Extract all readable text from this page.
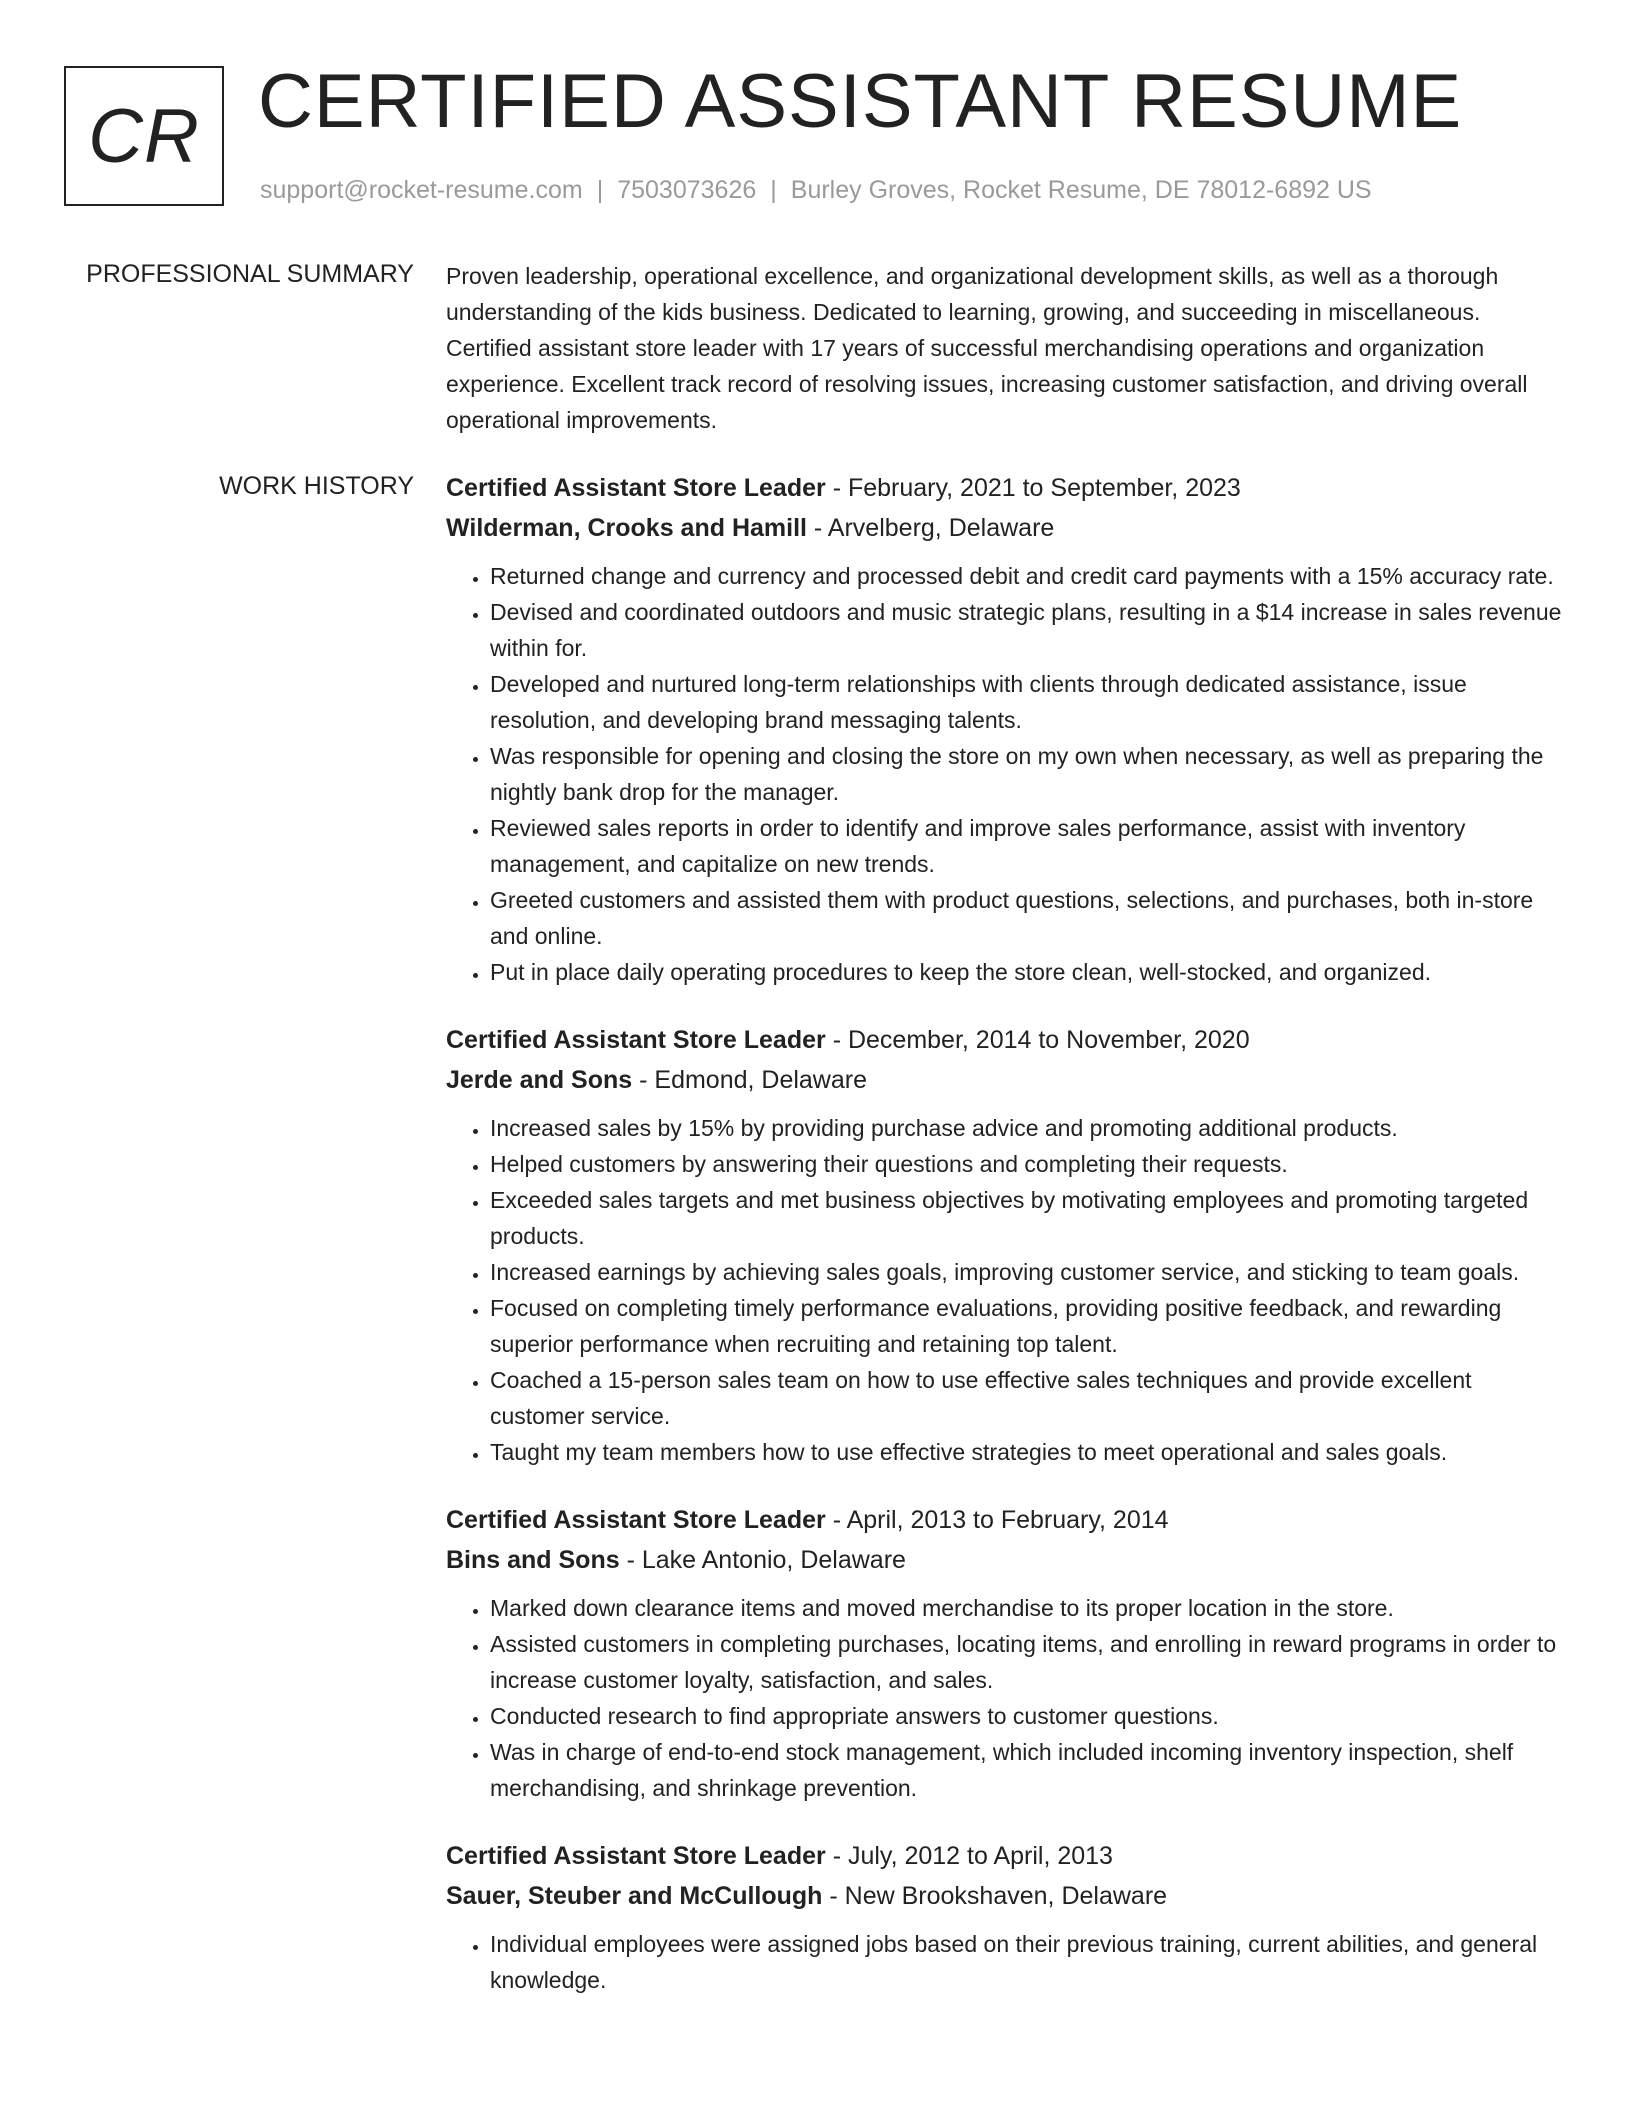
CR CERTIFIED ASSISTANT RESUME
support@rocket-resume.com | 7503073626 | Burley Groves, Rocket Resume, DE 78012-6892 US
PROFESSIONAL SUMMARY Proven leadership, operational excellence, and organizational development skills, as well as a thorough understanding of the kids business. Dedicated to learning, growing, and succeeding in miscellaneous. Certified assistant store leader with 17 years of successful merchandising operations and organization experience. Excellent track record of resolving issues, increasing customer satisfaction, and driving overall operational improvements.

WORK HISTORY Certified Assistant Store Leader - February, 2021 to September, 2023
Wilderman, Crooks and Hamill - Arvelberg, Delaware
• Returned change and currency and processed debit and credit card payments with a 15% accuracy rate.
• Devised and coordinated outdoors and music strategic plans, resulting in a $14 increase in sales revenue within for.
• Developed and nurtured long-term relationships with clients through dedicated assistance, issue resolution, and developing brand messaging talents.
• Was responsible for opening and closing the store on my own when necessary, as well as preparing the nightly bank drop for the manager.
• Reviewed sales reports in order to identify and improve sales performance, assist with inventory management, and capitalize on new trends.
• Greeted customers and assisted them with product questions, selections, and purchases, both in-store and online.
• Put in place daily operating procedures to keep the store clean, well-stocked, and organized.
Certified Assistant Store Leader - December, 2014 to November, 2020
Jerde and Sons - Edmond, Delaware
• Increased sales by 15% by providing purchase advice and promoting additional products.
• Helped customers by answering their questions and completing their requests.
• Exceeded sales targets and met business objectives by motivating employees and promoting targeted products.
• Increased earnings by achieving sales goals, improving customer service, and sticking to team goals.
• Focused on completing timely performance evaluations, providing positive feedback, and rewarding superior performance when recruiting and retaining top talent.
• Coached a 15-person sales team on how to use effective sales techniques and provide excellent customer service.
• Taught my team members how to use effective strategies to meet operational and sales goals.
Certified Assistant Store Leader - April, 2013 to February, 2014
Bins and Sons - Lake Antonio, Delaware
• Marked down clearance items and moved merchandise to its proper location in the store.
• Assisted customers in completing purchases, locating items, and enrolling in reward programs in order to increase customer loyalty, satisfaction, and sales.
• Conducted research to find appropriate answers to customer questions.
• Was in charge of end-to-end stock management, which included incoming inventory inspection, shelf merchandising, and shrinkage prevention.
Certified Assistant Store Leader - July, 2012 to April, 2013
Sauer, Steuber and McCullough - New Brookshaven, Delaware
• Individual employees were assigned jobs based on their previous training, current abilities, and general knowledge.
